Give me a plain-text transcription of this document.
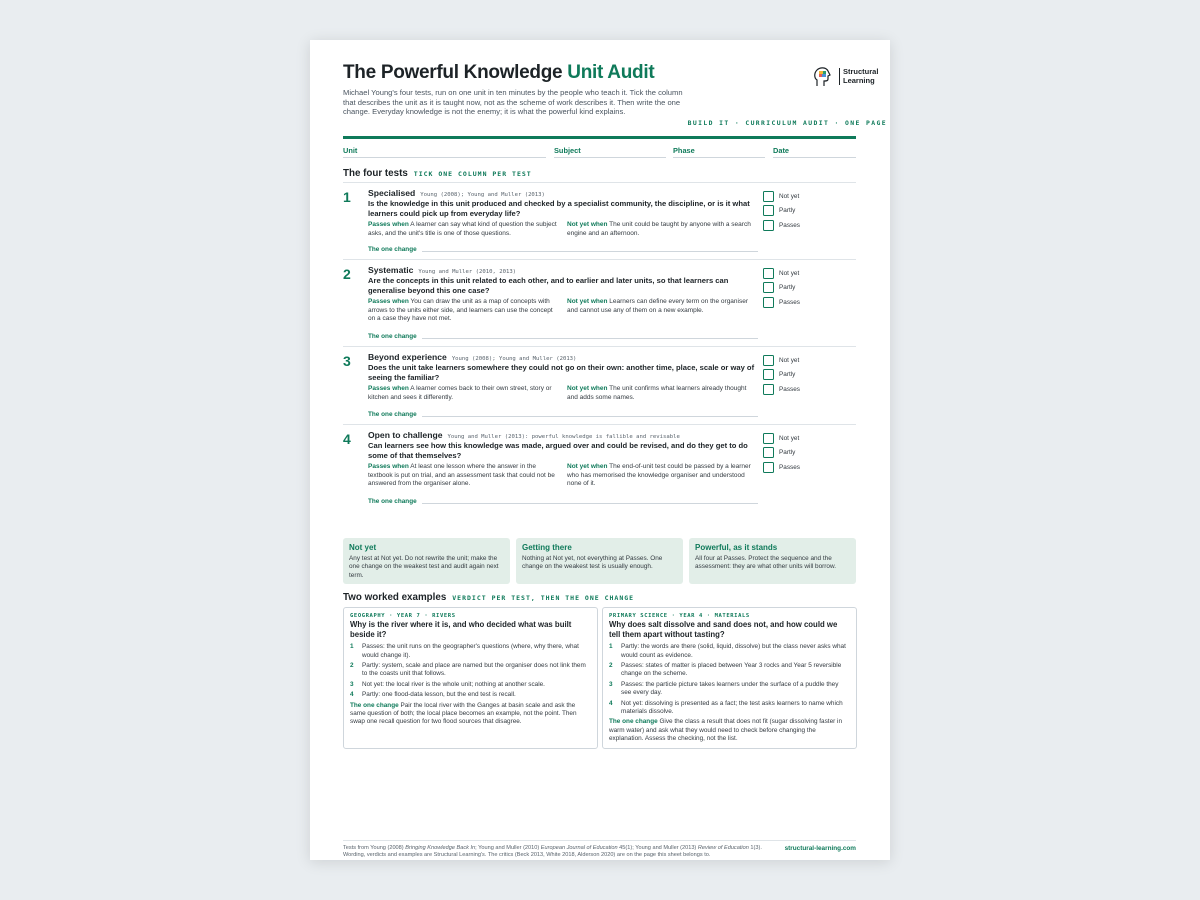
The Powerful Knowledge Unit Audit
Michael Young's four tests, run on one unit in ten minutes by the people who teach it. Tick the column that describes the unit as it is taught now, not as the scheme of work describes it. Then write the one change. Everyday knowledge is not the enemy; it is what the powerful kind explains.
Structural
Learning
BUILD IT · CURRICULUM AUDIT · ONE PAGE
Unit	Subject	Phase	Date
The four tests TICK ONE COLUMN PER TEST
1 Specialised Young (2008); Young and Muller (2013)
Is the knowledge in this unit produced and checked by a specialist community, the discipline, or is it what learners could pick up from everyday life?
Passes when A learner can say what kind of question the subject asks, and the unit's title is one of those questions.
Not yet when The unit could be taught by anyone with a search engine and an afternoon.
The one change
Not yet
Partly
Passes
2 Systematic Young and Muller (2010, 2013)
Are the concepts in this unit related to each other, and to earlier and later units, so that learners can generalise beyond this one case?
Passes when You can draw the unit as a map of concepts with arrows to the units either side, and learners can use the concept on a case they have not met.
Not yet when Learners can define every term on the organiser and cannot use any of them on a new example.
The one change
Not yet
Partly
Passes
3 Beyond experience Young (2008); Young and Muller (2013)
Does the unit take learners somewhere they could not go on their own: another time, place, scale or way of seeing the familiar?
Passes when A learner comes back to their own street, story or kitchen and sees it differently.
Not yet when The unit confirms what learners already thought and adds some names.
The one change
Not yet
Partly
Passes
4 Open to challenge Young and Muller (2013): powerful knowledge is fallible and revisable
Can learners see how this knowledge was made, argued over and could be revised, and do they get to do some of that themselves?
Passes when At least one lesson where the answer in the textbook is put on trial, and an assessment task that could not be answered from the organiser alone.
Not yet when The end-of-unit test could be passed by a learner who has memorised the knowledge organiser and understood none of it.
The one change
Not yet
Partly
Passes
Not yet
Any test at Not yet. Do not rewrite the unit; make the one change on the weakest test and audit again next term.
Getting there
Nothing at Not yet, not everything at Passes. One change on the weakest test is usually enough.
Powerful, as it stands
All four at Passes. Protect the sequence and the assessment: they are what other units will borrow.
Two worked examples VERDICT PER TEST, THEN THE ONE CHANGE
GEOGRAPHY · YEAR 7 · RIVERS
Why is the river where it is, and who decided what was built beside it?
1 Passes: the unit runs on the geographer's questions (where, why there, what would change it).
2 Partly: system, scale and place are named but the organiser does not link them to the coasts unit that follows.
3 Not yet: the local river is the whole unit; nothing at another scale.
4 Partly: one flood-data lesson, but the end test is recall.
The one change Pair the local river with the Ganges at basin scale and ask the same question of both; the local place becomes an example, not the point. Then swap one recall question for two flood sources that disagree.
PRIMARY SCIENCE · YEAR 4 · MATERIALS
Why does salt dissolve and sand does not, and how could we tell them apart without tasting?
1 Partly: the words are there (solid, liquid, dissolve) but the class never asks what would count as evidence.
2 Passes: states of matter is placed between Year 3 rocks and Year 5 reversible change on the scheme.
3 Passes: the particle picture takes learners under the surface of a puddle they see every day.
4 Not yet: dissolving is presented as a fact; the test asks learners to name which materials dissolve.
The one change Give the class a result that does not fit (sugar dissolving faster in warm water) and ask what they would need to check before changing the explanation. Assess the checking, not the list.
Tests from Young (2008) Bringing Knowledge Back In; Young and Muller (2010) European Journal of Education 45(1); Young and Muller (2013) Review of Education 1(3). Wording, verdicts and examples are Structural Learning's. The critics (Beck 2013, White 2018, Alderson 2020) are on the page this sheet belongs to.
structural-learning.com
